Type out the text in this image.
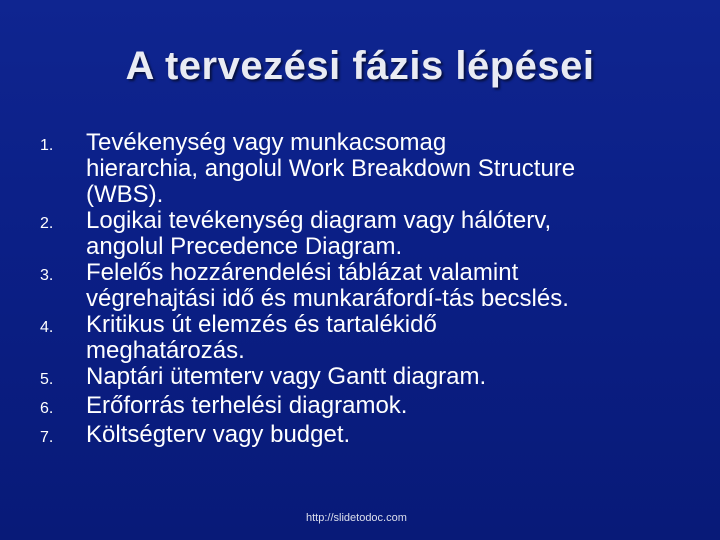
A tervezési fázis lépései
1.	Tevékenység vagy munkacsomag
hierarchia, angolul Work Breakdown Structure
(WBS).
2.	Logikai tevékenység diagram vagy hálóterv,
angolul Precedence Diagram.
3.	Felelős hozzárendelési táblázat valamint
végrehajtási idő és munkaráfordí-tás becslés.
4.	Kritikus út elemzés és tartalékidő
meghatározás.
5.	Naptári ütemterv vagy Gantt diagram.
6.	Erőforrás terhelési diagramok.
7.	Költségterv vagy budget.
http://slidetodoc.com
